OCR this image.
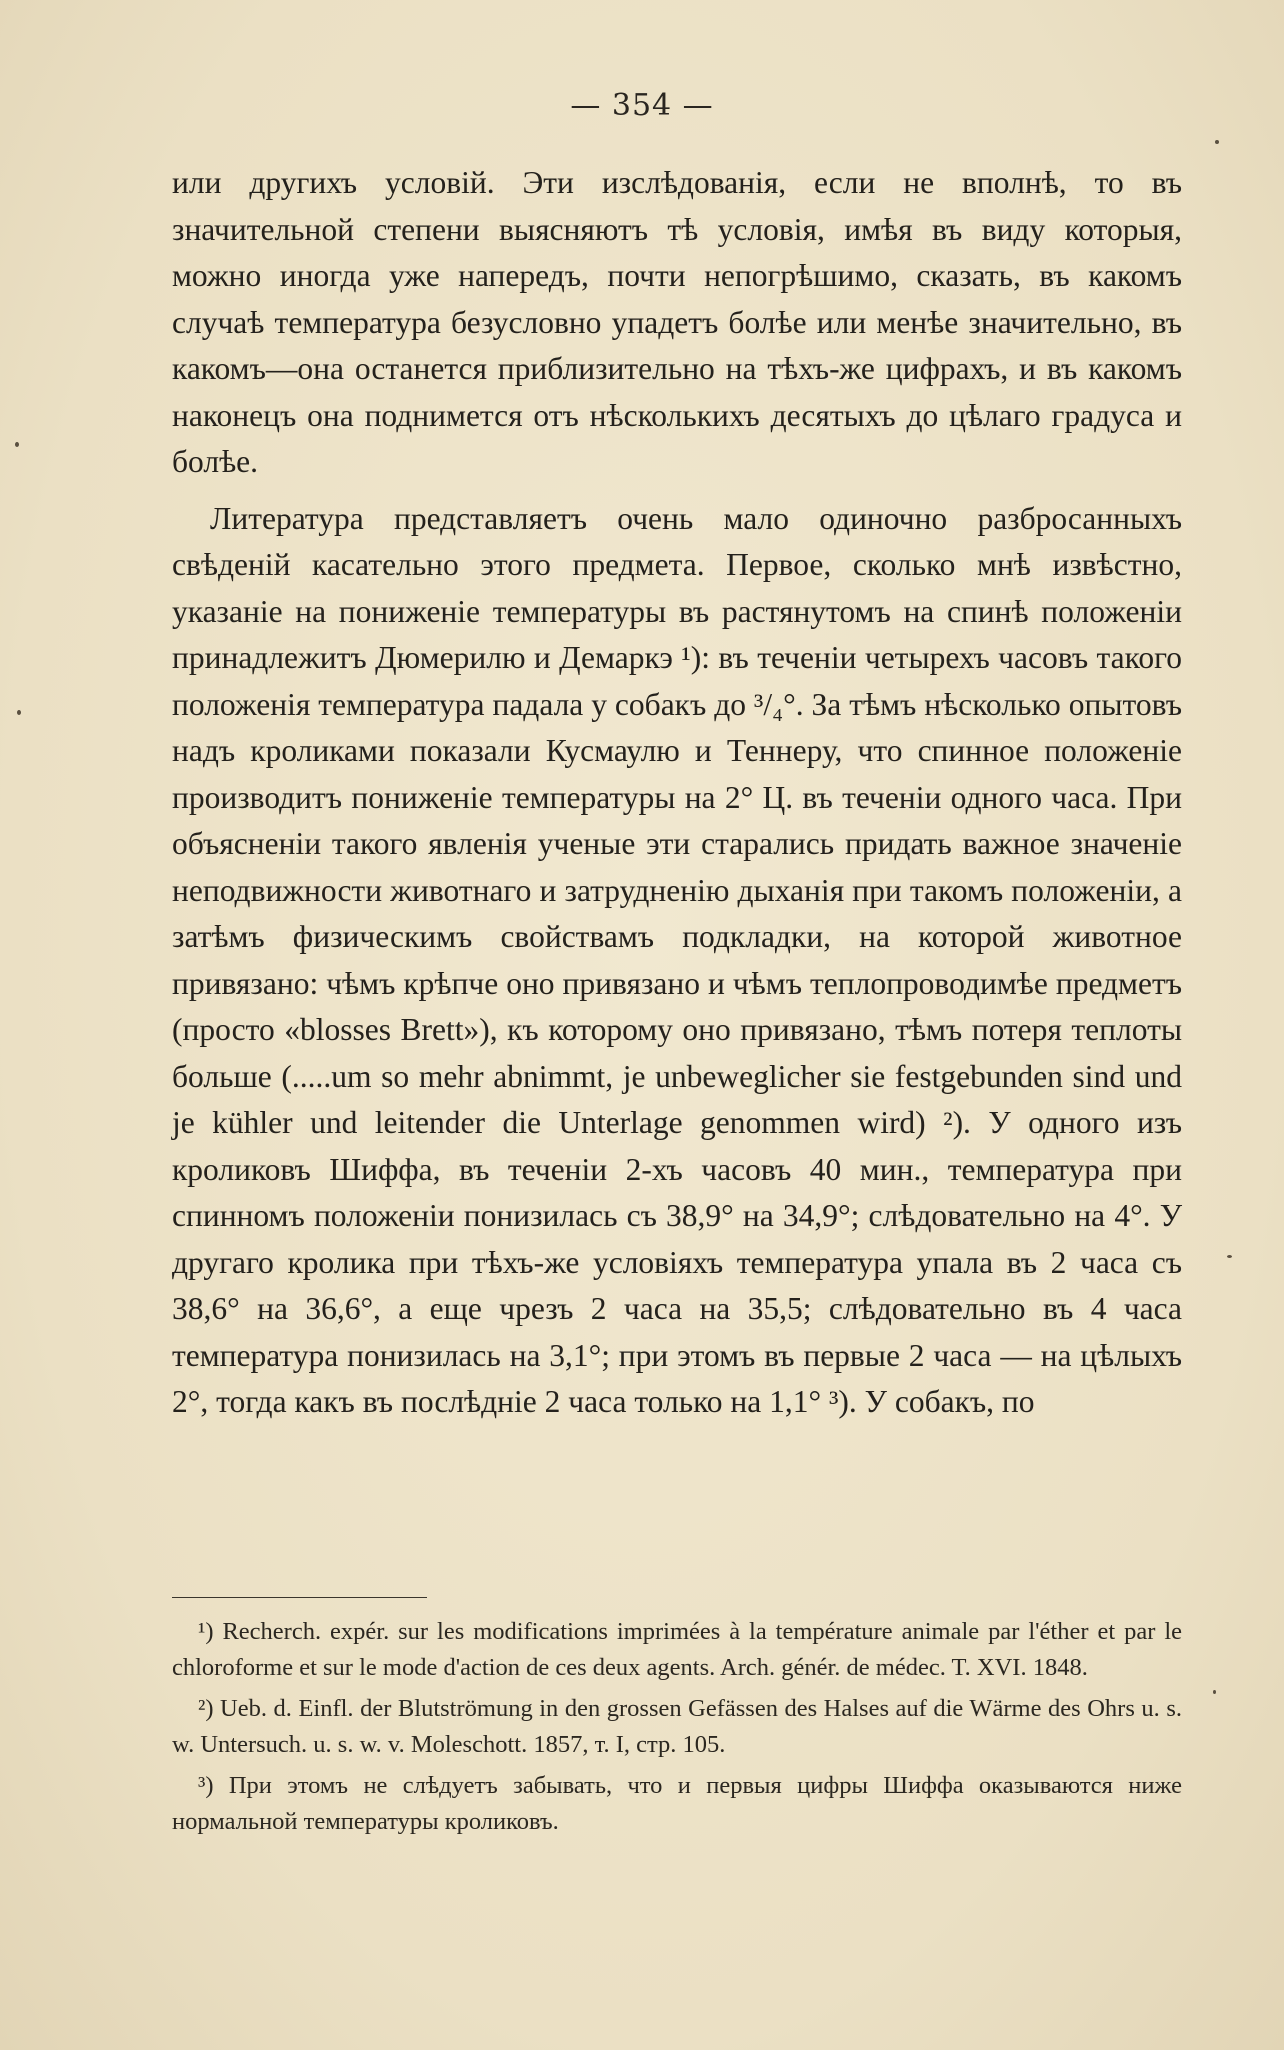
— 354 —

или другихъ условій. Эти изслѣдованія, если не вполнѣ, то въ значительной степени выясняютъ тѣ условія, имѣя въ виду которыя, можно иногда уже напередъ, почти непогрѣшимо, сказать, въ какомъ случаѣ температура безусловно упадетъ болѣе или менѣе значительно, въ какомъ—она останется приблизительно на тѣхъ-же цифрахъ, и въ какомъ наконецъ она поднимется отъ нѣсколькихъ десятыхъ до цѣлаго градуса и болѣе.

Литература представляетъ очень мало одиночно разбросанныхъ свѣденій касательно этого предмета. Первое, сколько мнѣ извѣстно, указаніе на пониженіе температуры въ растянутомъ на спинѣ положеніи принадлежитъ Дюмерилю и Демаркэ ¹): въ теченіи четырехъ часовъ такого положенія температура падала у собакъ до ³/₄°. За тѣмъ нѣсколько опытовъ надъ кроликами показали Кусмаулю и Теннеру, что спинное положеніе производитъ пониженіе температуры на 2° Ц. въ теченіи одного часа. При объясненіи такого явленія ученые эти старались придать важное значеніе неподвижности животнаго и затрудненію дыханія при такомъ положеніи, а затѣмъ физическимъ свойствамъ подкладки, на которой животное привязано: чѣмъ крѣпче оно привязано и чѣмъ теплопроводимѣе предметъ (просто «blosses Brett»), къ которому оно привязано, тѣмъ потеря теплоты больше (.....um so mehr abnimmt, je unbeweglicher sie festgebunden sind und je kühler und leitender die Unterlage genommen wird) ²). У одного изъ кроликовъ Шиффа, въ теченіи 2-хъ часовъ 40 мин., температура при спинномъ положеніи понизилась съ 38,9° на 34,9°; слѣдовательно на 4°. У другаго кролика при тѣхъ-же условіяхъ температура упала въ 2 часа съ 38,6° на 36,6°, а еще чрезъ 2 часа на 35,5; слѣдовательно въ 4 часа температура понизилась на 3,1°; при этомъ въ первые 2 часа — на цѣлыхъ 2°, тогда какъ въ послѣдніе 2 часа только на 1,1° ³). У собакъ, по

¹) Recherch. expér. sur les modifications imprimées à la température animale par l'éther et par le chloroforme et sur le mode d'action de ces deux agents. Arch. génér. de médec. T. XVI. 1848.

²) Ueb. d. Einfl. der Blutströmung in den grossen Gefässen des Halses auf die Wärme des Ohrs u. s. w. Untersuch. u. s. w. v. Moleschott. 1857, т. I, стр. 105.

³) При этомъ не слѣдуетъ забывать, что и первыя цифры Шиффа оказываются ниже нормальной температуры кроликовъ.
